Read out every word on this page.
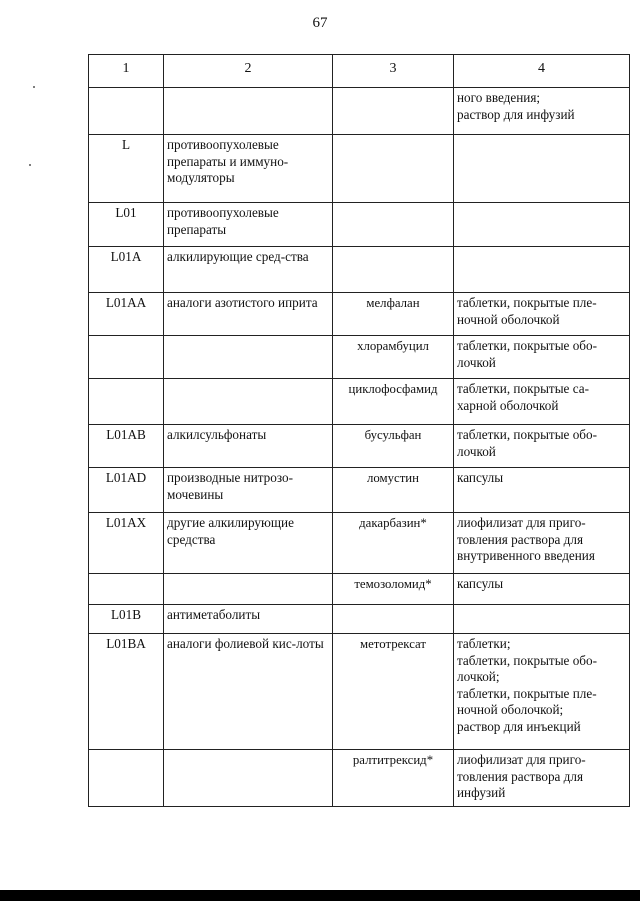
67
1	2	3	4
			ного введения;
раствор для инфузий
L	противоопухолевые препараты и иммуно-модуляторы		
L01	противоопухолевые препараты		
L01A	алкилирующие сред-ства		
L01AA	аналоги азотистого иприта	мелфалан	таблетки, покрытые пле-ночной оболочкой
		хлорамбуцил	таблетки, покрытые обо-лочкой
		циклофосфамид	таблетки, покрытые са-харной оболочкой
L01AB	алкилсульфонаты	бусульфан	таблетки, покрытые обо-лочкой
L01AD	производные нитрозо-мочевины	ломустин	капсулы
L01AX	другие алкилирующие средства	дакарбазин*	лиофилизат для приго-товления раствора для внутривенного введения
		темозоломид*	капсулы
L01B	антиметаболиты		
L01BA	аналоги фолиевой кис-лоты	метотрексат	таблетки;
таблетки, покрытые обо-лочкой;
таблетки, покрытые пле-ночной оболочкой;
раствор для инъекций
		ралтитрексид*	лиофилизат для приго-товления раствора для инфузий
